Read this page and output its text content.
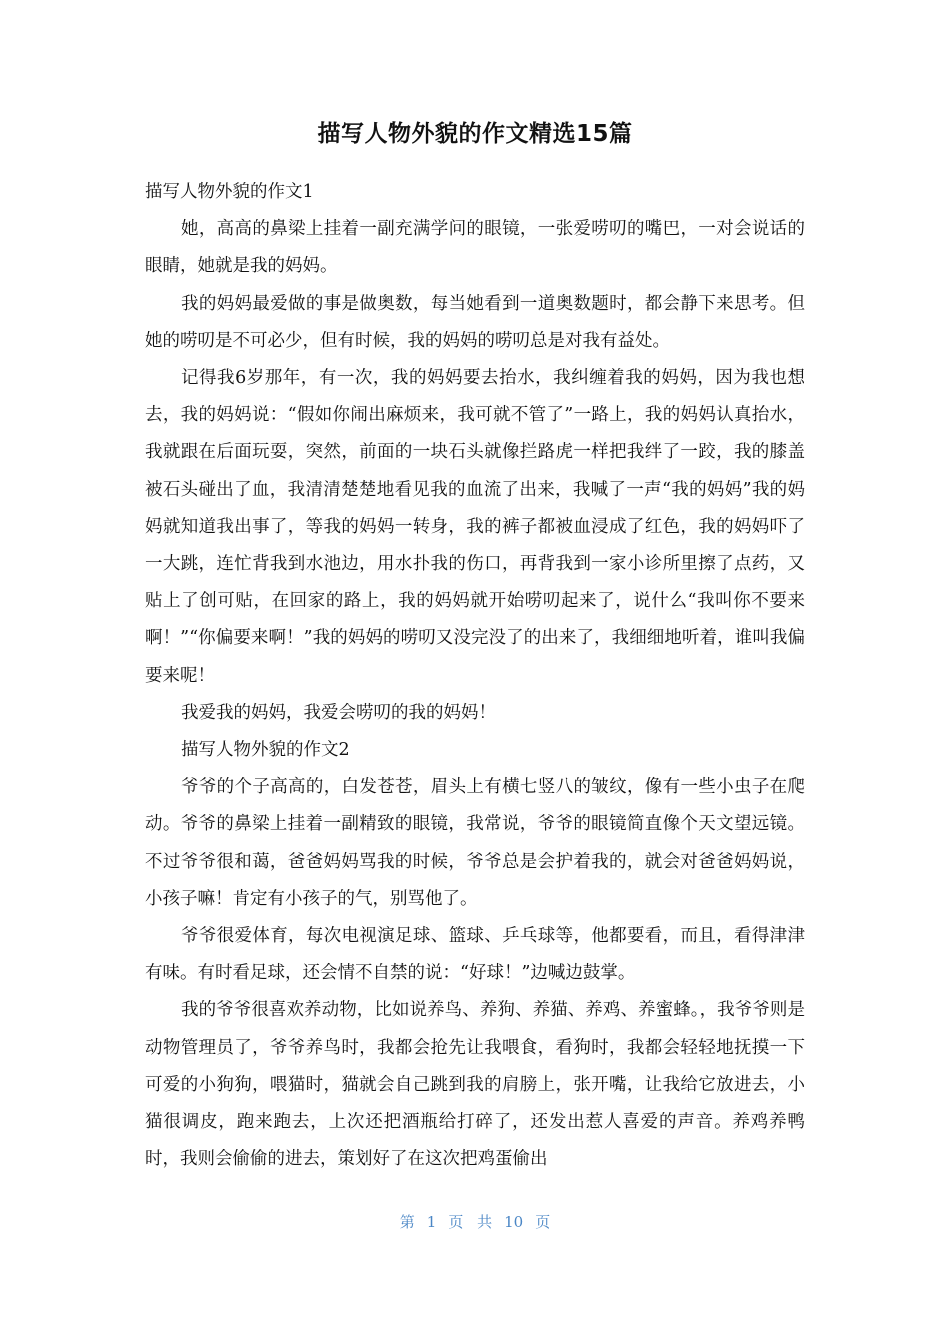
描写人物外貌的作文精选15篇

描写人物外貌的作文1

她，高高的鼻梁上挂着一副充满学问的眼镜，一张爱唠叨的嘴巴，一对会说话的眼睛，她就是我的妈妈。

我的妈妈最爱做的事是做奥数，每当她看到一道奥数题时，都会静下来思考。但她的唠叨是不可必少，但有时候，我的妈妈的唠叨总是对我有益处。

记得我6岁那年，有一次，我的妈妈要去抬水，我纠缠着我的妈妈，因为我也想去，我的妈妈说：“假如你闹出麻烦来，我可就不管了”一路上，我的妈妈认真抬水，我就跟在后面玩耍，突然，前面的一块石头就像拦路虎一样把我绊了一跤，我的膝盖被石头碰出了血，我清清楚楚地看见我的血流了出来，我喊了一声“我的妈妈”我的妈妈就知道我出事了，等我的妈妈一转身，我的裤子都被血浸成了红色，我的妈妈吓了一大跳，连忙背我到水池边，用水扑我的伤口，再背我到一家小诊所里擦了点药，又贴上了创可贴，在回家的路上，我的妈妈就开始唠叨起来了，说什么“我叫你不要来啊！”“你偏要来啊！”我的妈妈的唠叨又没完没了的出来了，我细细地听着，谁叫我偏要来呢！

我爱我的妈妈，我爱会唠叨的我的妈妈！

描写人物外貌的作文2

爷爷的个子高高的，白发苍苍，眉头上有横七竖八的皱纹，像有一些小虫子在爬动。爷爷的鼻梁上挂着一副精致的眼镜，我常说，爷爷的眼镜简直像个天文望远镜。不过爷爷很和蔼，爸爸妈妈骂我的时候，爷爷总是会护着我的，就会对爸爸妈妈说，小孩子嘛！肯定有小孩子的气，别骂他了。

爷爷很爱体育，每次电视演足球、篮球、乒乓球等，他都要看，而且，看得津津有味。有时看足球，还会情不自禁的说：“好球！”边喊边鼓掌。

我的爷爷很喜欢养动物，比如说养鸟、养狗、养猫、养鸡、养蜜蜂。，我爷爷则是动物管理员了，爷爷养鸟时，我都会抢先让我喂食，看狗时，我都会轻轻地抚摸一下可爱的小狗狗，喂猫时，猫就会自己跳到我的肩膀上，张开嘴，让我给它放进去，小猫很调皮，跑来跑去，上次还把酒瓶给打碎了，还发出惹人喜爱的声音。养鸡养鸭时，我则会偷偷的进去，策划好了在这次把鸡蛋偷出

第 1 页 共 10 页
